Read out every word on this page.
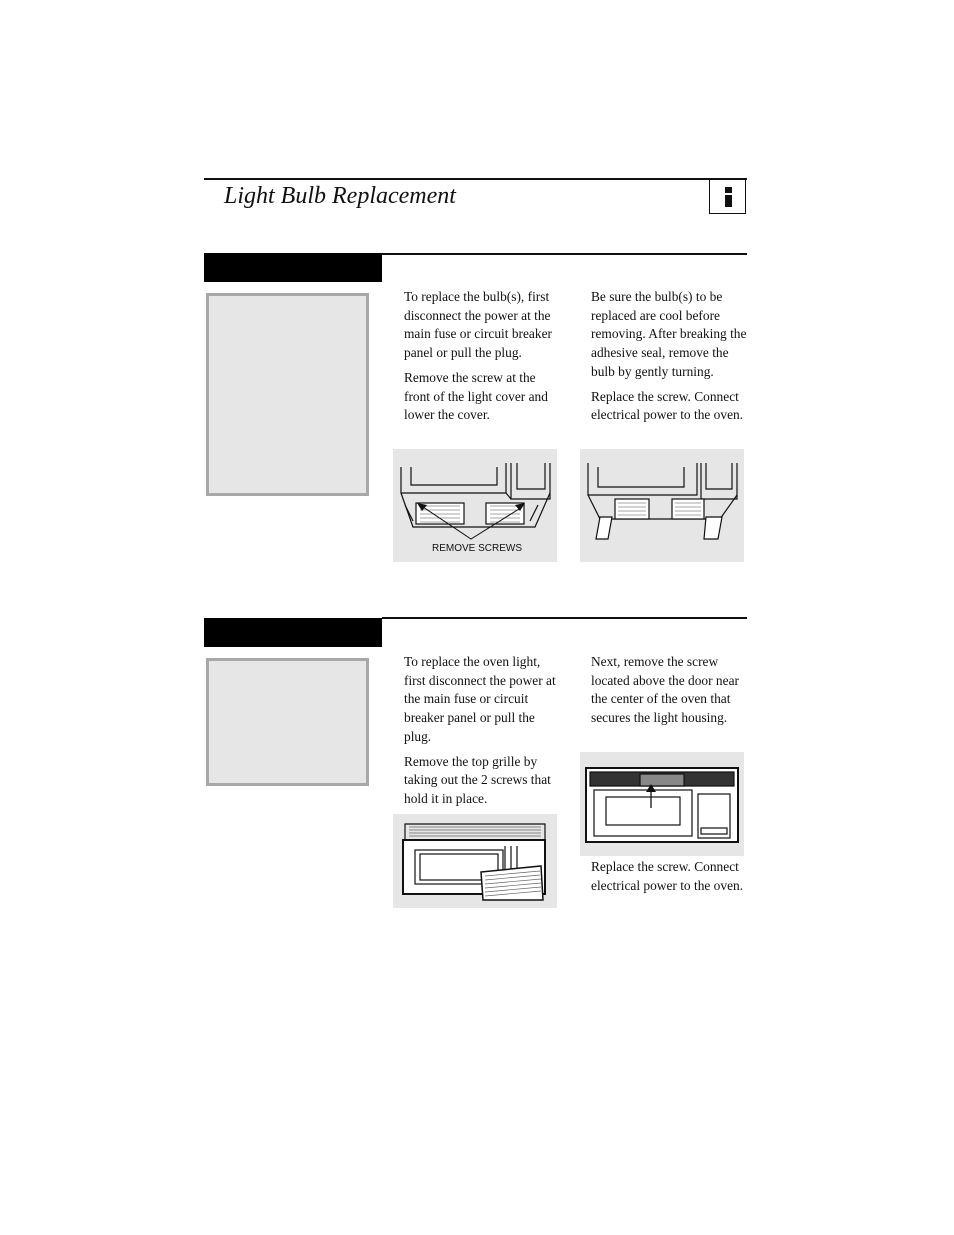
Light Bulb Replacement

To replace the bulb(s), first disconnect the power at the main fuse or circuit breaker panel or pull the plug.

Remove the screw at the front of the light cover and lower the cover.

Be sure the bulb(s) to be replaced are cool before removing. After breaking the adhesive seal, remove the bulb by gently turning.

Replace the screw. Connect electrical power to the oven.

REMOVE SCREWS

To replace the oven light, first disconnect the power at the main fuse or circuit breaker panel or pull the plug.

Remove the top grille by taking out the 2 screws that hold it in place.

Next, remove the screw located above the door near the center of the oven that secures the light housing.

Replace the screw. Connect electrical power to the oven.
